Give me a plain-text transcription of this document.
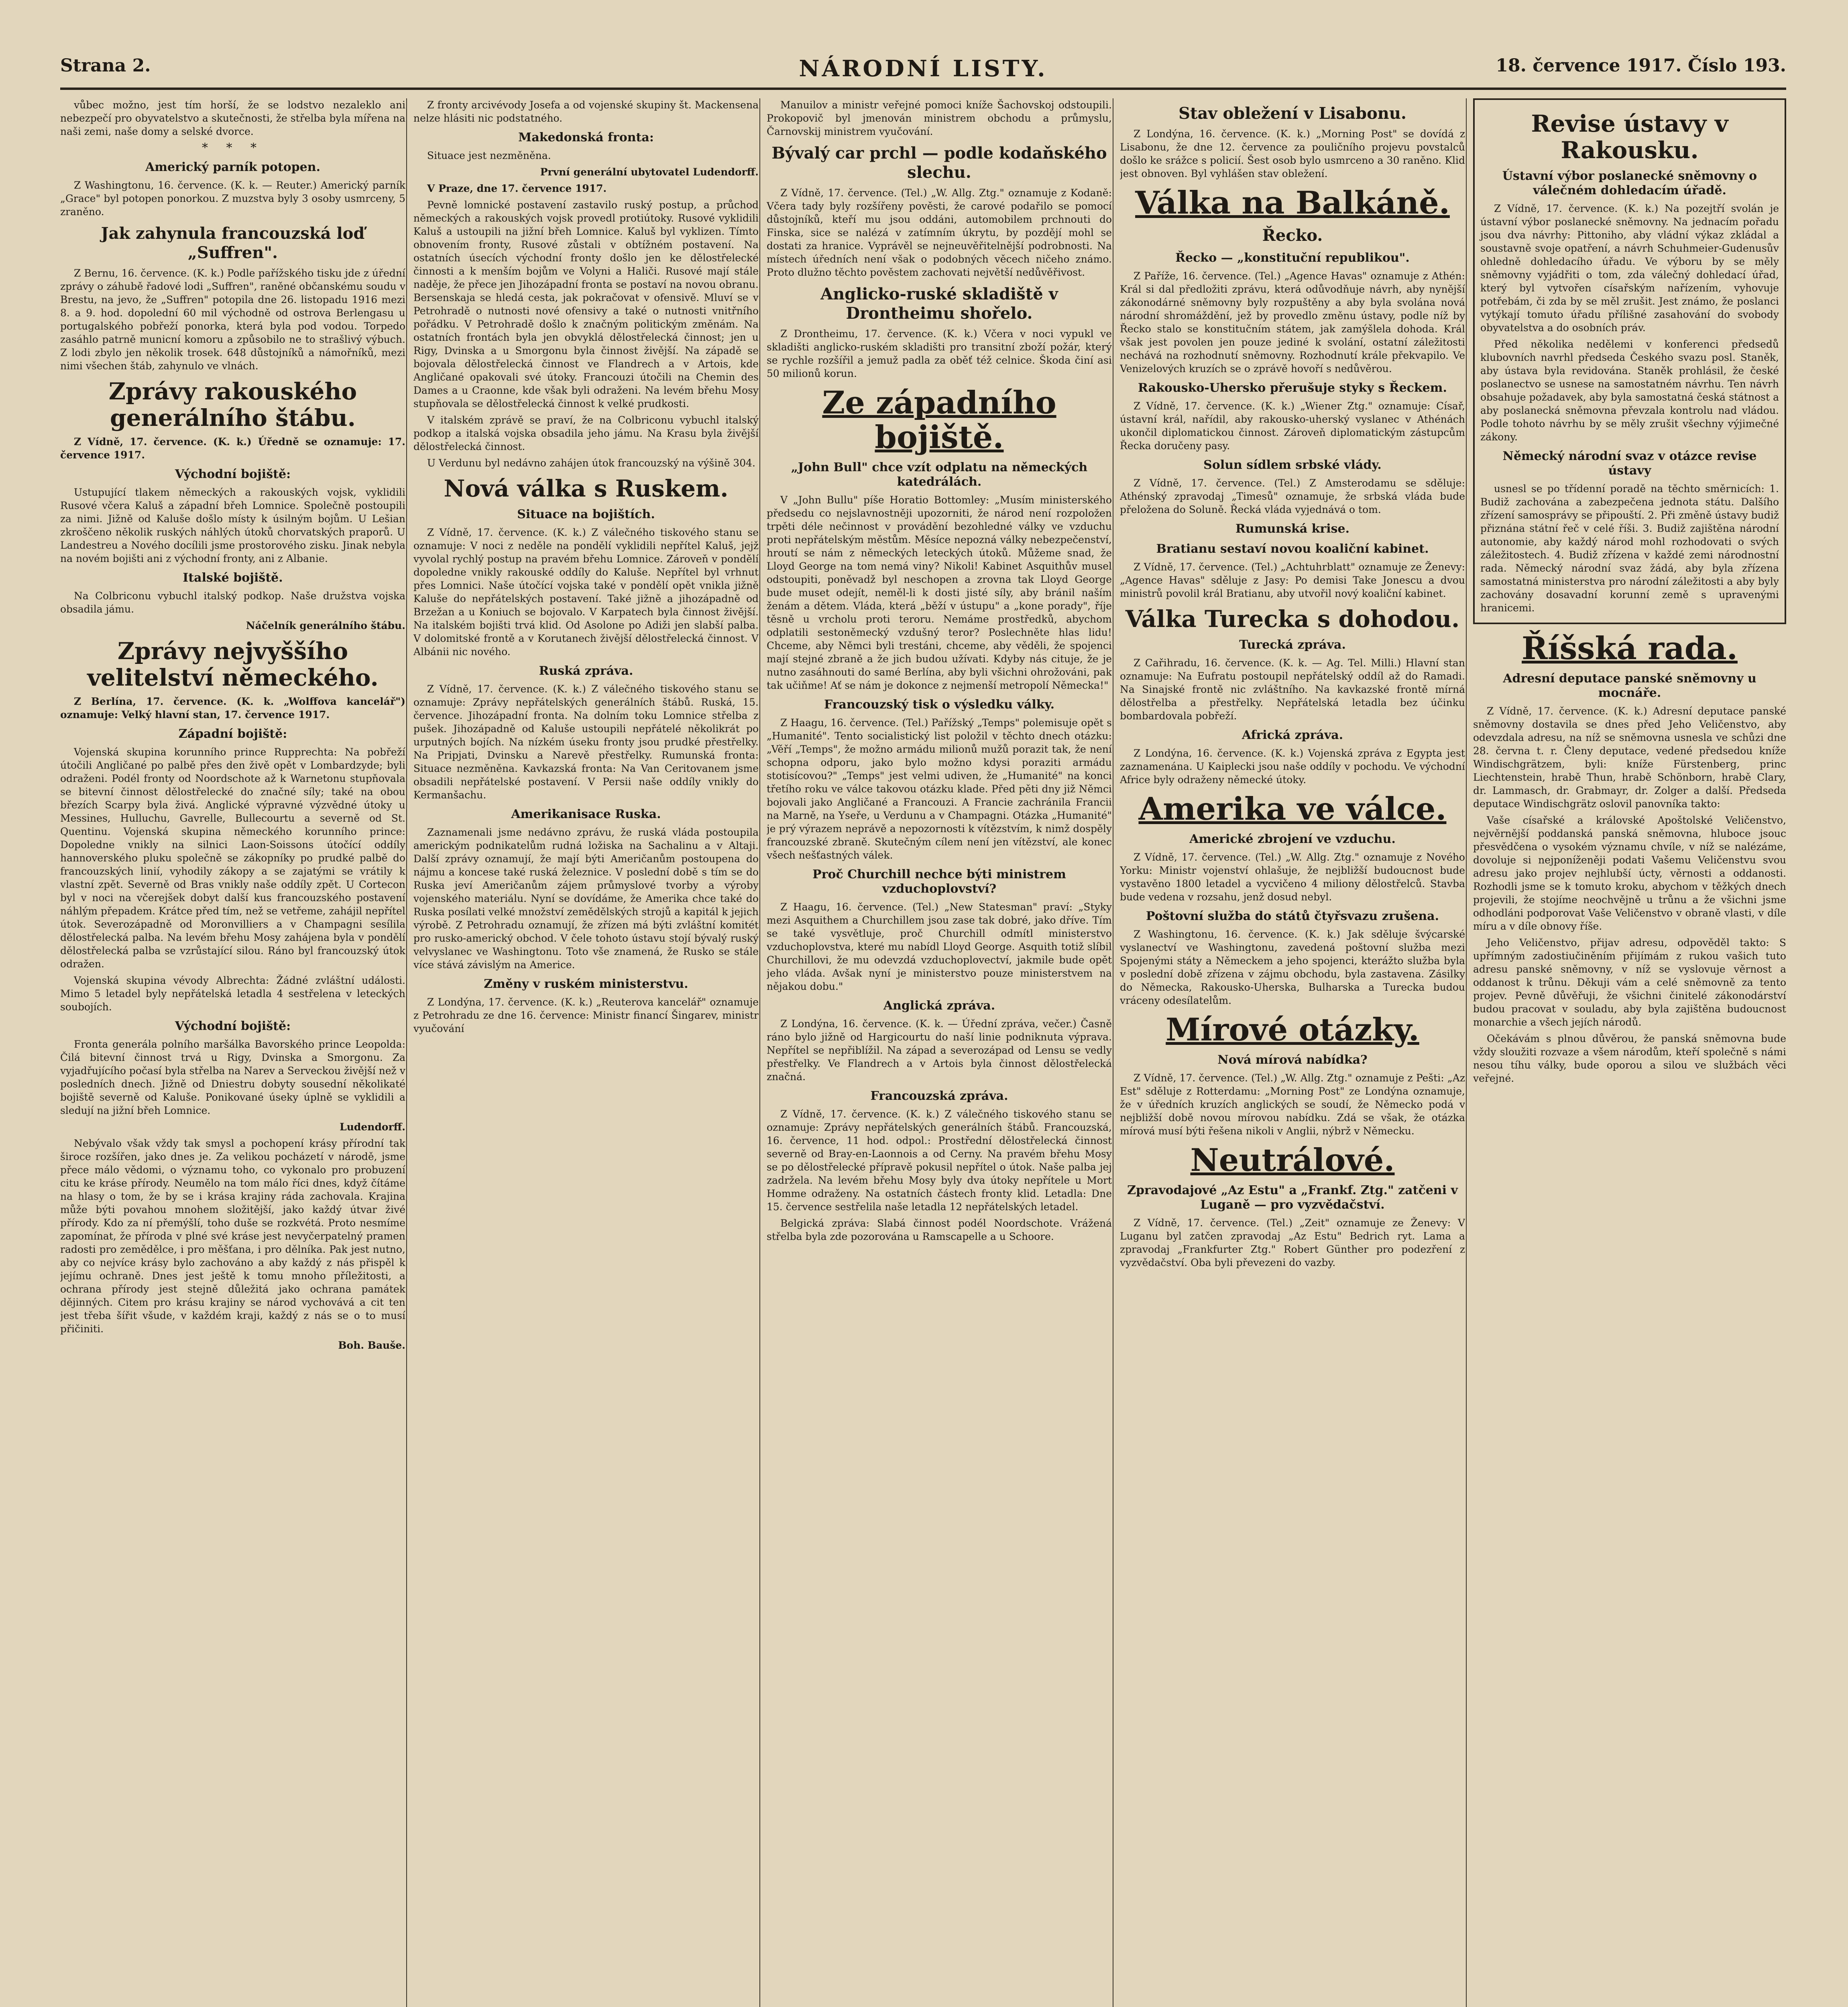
Strana 2.	NÁRODNÍ LISTY.	18. července 1917. Číslo 193.

vůbec možno, jest tím horší, že se lodstvo nezaleklo ani nebezpečí pro obyvatelstvo a skutečnosti, že střelba byla mířena na naši zemi, naše domy a selské dvorce.

* * *
Americký parník potopen.

Z Washingtonu, 16. července. (K. k. — Reuter.) Americký parník „Grace" byl potopen ponorkou. Z muzstva byly 3 osoby usmrceny, 5 zraněno.

Jak zahynula francouzská loď „Suffren".

Z Bernu, 16. července. (K. k.) Podle pařížského tisku jde z úřední zprávy o záhubě řadové lodi „Suffren", raněné občanskému soudu v Brestu, na jevo, že „Suffren" potopila dne 26. listopadu 1916 mezi 8. a 9. hod. dopolední 60 mil východně od ostrova Berlengasu u portugalského pobřeží ponorka, která byla pod vodou. Torpedo zasáhlo patrně municní komoru a způsobilo ne to strašlivý výbuch. Z lodi zbylo jen několik trosek. 648 důstojníků a námořníků, mezi nimi všechen štáb, zahynulo ve vlnách.

Zprávy rakouského generálního štábu.

Z Vídně, 17. července. (K. k.) Úředně se oznamuje: 17. července 1917.

Východní bojiště:

Ustupující tlakem německých a rakouských vojsk, vyklidili Rusové včera Kaluš a západní břeh Lomnice. Společně postoupili za nimi. Jižně od Kaluše došlo místy k úsilným bojům. U Lešian zkroščeno několik ruských náhlých útoků chorvatských praporů. U Landestreu a Nového docílili jsme prostorového zisku. Jinak nebyla na novém bojišti ani z východní fronty, ani z Albanie.

Italské bojiště.

Na Colbriconu vybuchl italský podkop. Naše družstva vojska obsadila jámu.

Náčelník generálního štábu.

Zprávy nejvyššího velitelství německého.

Z Berlína, 17. července. (K. k. „Wolffova kancelář") oznamuje: Velký hlavní stan, 17. července 1917.

Západní bojiště:

Vojenská skupina korunního prince Rupprechta: Na pobřeží útočili Angličané po palbě přes den živě opět v Lombardzyde; byli odraženi. Podél fronty od Noordschote až k Warnetonu stupňovala se bitevní činnost dělostřelecké do značné síly; také na obou březích Scarpy byla živá. Anglické výpravné výzvědné útoky u Messines, Hulluchu, Gavrelle, Bullecourtu a severně od St. Quentinu. Vojenská skupina německého korunního prince: Dopoledne vnikly na silnici Laon-Soissons útočící oddíly hannoverského pluku společně se zákopníky po prudké palbě do francouzských linií, vyhodily zákopy a se zajatými se vrátily k vlastní zpět. Severně od Bras vnikly naše oddíly zpět. U Cortecon byl v noci na včerejšek dobyt další kus francouzského postavení náhlým přepadem. Krátce před tím, než se vetřeme, zahájil nepřítel útok. Severozápadně od Moronvilliers a v Champagni sesílila dělostřelecká palba. Na levém břehu Mosy zahájena byla v pondělí dělostřelecká palba se vzrůstající silou. Ráno byl francouzský útok odražen.

Vojenská skupina vévody Albrechta: Žádné zvláštní události. Mimo 5 letadel byly nepřátelská letadla 4 sestřelena v leteckých soubojích.

Východní bojiště:

Fronta generála polního maršálka Bavorského prince Leopolda: Čilá bitevní činnost trvá u Rigy, Dvinska a Smorgonu. Za vyjadřujícího počasí byla střelba na Narev a Serveckou živější než v posledních dnech. Jižně od Dniestru dobyty sousední několikaté bojiště severně od Kaluše. Ponikované úseky úplně se vyklidili a sledují na jižní břeh Lomnice.

Ludendorff.

Nebývalo však vždy tak smysl a pochopení krásy přírodní tak široce rozšířen, jako dnes je. Za velikou pocházetí v národě, jsme přece málo vědomi, o významu toho, co vykonalo pro probuzení citu ke kráse přírody. Neumělo na tom málo říci dnes, když čítáme na hlasy o tom, že by se i krása krajiny ráda zachovala. Krajina může býti povahou mnohem složitější, jako každý útvar živé přírody. Kdo za ní přemýšlí, toho duše se rozkvétá. Proto nesmíme zapomínat, že příroda v plné své kráse jest nevyčerpatelný pramen radosti pro zemědělce, i pro měšťana, i pro dělníka. Pak jest nutno, aby co nejvíce krásy bylo zachováno a aby každý z nás přispěl k jejímu ochraně. Dnes jest ještě k tomu mnoho příležitosti, a ochrana přírody jest stejně důležitá jako ochrana památek dějinných. Citem pro krásu krajiny se národ vychovává a cit ten jest třeba šířit všude, v každém kraji, každý z nás se o to musí přičiniti.

Boh. Bauše.

Z fronty arcivévody Josefa a od vojenské skupiny št. Mackensena nelze hlásiti nic podstatného.

Makedonská fronta:

Situace jest nezměněna.

První generální ubytovatel Ludendorff.

V Praze, dne 17. července 1917.

Pevně lomnické postavení zastavilo ruský postup, a průchod německých a rakouských vojsk provedl protiútoky. Rusové vyklidili Kaluš a ustoupili na jižní břeh Lomnice. Kaluš byl vyklizen. Tímto obnovením fronty, Rusové zůstali v obtížném postavení. Na ostatních úsecích východní fronty došlo jen ke dělostřelecké činnosti a k menším bojům ve Volyni a Haliči. Rusové mají stále naděje, že přece jen Jihozápadní fronta se postaví na novou obranu. Bersenskaja se hledá cesta, jak pokračovat v ofensivě. Mluví se v Petrohradě o nutnosti nové ofensivy a také o nutnosti vnitřního pořádku. V Petrohradě došlo k značným politickým změnám. Na ostatních frontách byla jen obvyklá dělostřelecká činnost; jen u Rigy, Dvinska a u Smorgonu byla činnost živější. Na západě se bojovala dělostřelecká činnost ve Flandrech a v Artois, kde Angličané opakovali své útoky. Francouzi útočili na Chemin des Dames a u Craonne, kde však byli odraženi. Na levém břehu Mosy stupňovala se dělostřelecká činnost k velké prudkosti.

V italském zprávě se praví, že na Colbriconu vybuchl italský podkop a italská vojska obsadila jeho jámu. Na Krasu byla živější dělostřelecká činnost.

U Verdunu byl nedávno zahájen útok francouzský na výšině 304.

Nová válka s Ruskem.
Situace na bojištích.

Z Vídně, 17. července. (K. k.) Z válečného tiskového stanu se oznamuje: V noci z neděle na pondělí vyklidili nepřítel Kaluš, jejž vyvolal rychlý postup na pravém břehu Lomnice. Zároveň v pondělí dopoledne vnikly rakouské oddíly do Kaluše. Nepřítel byl vrhnut přes Lomnici. Naše útočící vojska také v pondělí opět vnikla jižně Kaluše do nepřátelských postavení. Také jižně a jihozápadně od Brzežan a u Koniuch se bojovalo. V Karpatech byla činnost živější. Na italském bojišti trvá klid. Od Asolone po Adiži jen slabší palba. V dolomitské frontě a v Korutanech živější dělostřelecká činnost. V Albánii nic nového.

Ruská zpráva.

Z Vídně, 17. července. (K. k.) Z válečného tiskového stanu se oznamuje: Zprávy nepřátelských generálních štábů. Ruská, 15. července. Jihozápadní fronta. Na dolním toku Lomnice střelba z pušek. Jihozápadně od Kaluše ustoupili nepřátelé několikrát po urputných bojích. Na nízkém úseku fronty jsou prudké přestřelky. Na Pripjati, Dvinsku a Narevě přestřelky. Rumunská fronta: Situace nezměněna. Kavkazská fronta: Na Van Ceritovanem jsme obsadili nepřátelské postavení. V Persii naše oddíly vnikly do Kermanšachu.

Amerikanisace Ruska.

Zaznamenali jsme nedávno zprávu, že ruská vláda postoupila americkým podnikatelům rudná ložiska na Sachalinu a v Altaji. Další zprávy oznamují, že mají býti Američanům postoupena do nájmu a koncese také ruská železnice. V poslední době s tím se do Ruska jeví Američanům zájem průmyslové tvorby a výroby vojenského materiálu. Nyní se dovídáme, že Amerika chce také do Ruska posílati velké množství zemědělských strojů a kapitál k jejich výrobě. Z Petrohradu oznamují, že zřízen má býti zvláštní komitét pro rusko-americký obchod. V čele tohoto ústavu stojí bývalý ruský velvyslanec ve Washingtonu. Toto vše znamená, že Rusko se stále více stává závislým na Americe.

Změny v ruském ministerstvu.

Z Londýna, 17. července. (K. k.) „Reuterova kancelář" oznamuje z Petrohradu ze dne 16. července: Ministr financí Šingarev, ministr vyučování

Manuilov a ministr veřejné pomoci kníže Šachovskoj odstoupili. Prokopovič byl jmenován ministrem obchodu a průmyslu, Čarnovskij ministrem vyučování.

Bývalý car prchl — podle kodaňského slechu.

Z Vídně, 17. července. (Tel.) „W. Allg. Ztg." oznamuje z Kodaně: Včera tady byly rozšířeny pověsti, že carové podařilo se pomocí důstojníků, kteří mu jsou oddáni, automobilem prchnouti do Finska, sice se nalézá v zatímním úkrytu, by pozdějí mohl se dostati za hranice. Vyprávěl se nejneuvěřitelnější podrobnosti. Na místech úředních není však o podobných věcech ničeho známo. Proto dlužno těchto pověstem zachovati největší nedůvěřivost.

Anglicko-ruské skladiště v Drontheimu shořelo.

Z Drontheimu, 17. července. (K. k.) Včera v noci vypukl ve skladišti anglicko-ruském skladišti pro transitní zboží požár, který se rychle rozšířil a jemuž padla za oběť též celnice. Škoda činí asi 50 milionů korun.

Ze západního bojiště.
„John Bull" chce vzít odplatu na německých katedrálách.

V „John Bullu" píše Horatio Bottomley: „Musím ministerského předsedu co nejslavnostněji upozorniti, že národ není rozpoložen trpěti déle nečinnost v provádění bezohledné války ve vzduchu proti nepřátelským městům. Měsíce nepozná války nebezpečenství, hroutí se nám z německých leteckých útoků. Můžeme snad, že Lloyd George na tom nemá viny? Nikoli! Kabinet Asquithův musel odstoupiti, poněvadž byl neschopen a zrovna tak Lloyd George bude muset odejít, neměl-li k dosti jisté síly, aby bránil naším ženám a dětem. Vláda, která „běží v ústupu" a „kone porady", říje těsně u vrcholu proti teroru. Nemáme prostředků, abychom odplatili sestoněmecký vzdušný teror? Poslechněte hlas lidu! Chceme, aby Němci byli trestáni, chceme, aby věděli, že spojenci mají stejné zbraně a že jich budou užívati. Kdyby nás cituje, že je nutno zasáhnouti do samé Berlína, aby byli všichni ohrožováni, pak tak učiňme! Ať se nám je dokonce z nejmenší metropolí Německa!"

Francouzský tisk o výsledku války.

Z Haagu, 16. července. (Tel.) Pařížský „Temps" polemisuje opět s „Humanité". Tento socialistický list položil v těchto dnech otázku: „Věří „Temps", že možno armádu milionů mužů porazit tak, že není schopna odporu, jako bylo možno kdysi poraziti armádu stotisícovou?" „Temps" jest velmi udiven, že „Humanité" na konci třetího roku ve válce takovou otázku klade. Před pěti dny již Němci bojovali jako Angličané a Francouzi. A Francie zachránila Francii na Marně, na Yseře, u Verdunu a v Champagni. Otázka „Humanité" je prý výrazem neprávě a nepozornosti k vítězstvím, k nimž dospěly francouzské zbraně. Skutečným cílem není jen vítězství, ale konec všech nešťastných válek.

Proč Churchill nechce býti ministrem vzduchoplovství?

Z Haagu, 16. července. (Tel.) „New Statesman" praví: „Styky mezi Asquithem a Churchillem jsou zase tak dobré, jako dříve. Tím se také vysvětluje, proč Churchill odmítl ministerstvo vzduchoplovstva, které mu nabídl Lloyd George. Asquith totiž slíbil Churchillovi, že mu odevzdá vzduchoplovectví, jakmile bude opět jeho vláda. Avšak nyní je ministerstvo pouze ministerstvem na nějakou dobu."

Anglická zpráva.

Z Londýna, 16. července. (K. k. — Úřední zpráva, večer.) Časně ráno bylo jižně od Hargicourtu do naší linie podniknuta výprava. Nepřítel se nepřiblížil. Na západ a severozápad od Lensu se vedly přestřelky. Ve Flandrech a v Artois byla činnost dělostřelecká značná.

Francouzská zpráva.

Z Vídně, 17. července. (K. k.) Z válečného tiskového stanu se oznamuje: Zprávy nepřátelských generálních štábů. Francouzská, 16. července, 11 hod. odpol.: Prostřední dělostřelecká činnost severně od Bray-en-Laonnois a od Cerny. Na pravém břehu Mosy se po dělostřelecké přípravě pokusil nepřítel o útok. Naše palba jej zadržela. Na levém břehu Mosy byly dva útoky nepřítele u Mort Homme odraženy. Na ostatních částech fronty klid. Letadla: Dne 15. července sestřelila naše letadla 12 nepřátelských letadel.

Belgická zpráva: Slabá činnost podél Noordschote. Vrážená střelba byla zde pozorována u Ramscapelle a u Schoore.

Stav obležení v Lisabonu.

Z Londýna, 16. července. (K. k.) „Morning Post" se dovídá z Lisabonu, že dne 12. července za pouličního projevu povstalců došlo ke srážce s policií. Šest osob bylo usmrceno a 30 raněno. Klid jest obnoven. Byl vyhlášen stav obležení.

Válka na Balkáně.
Řecko.
Řecko — „konstituční republikou".

Z Paříže, 16. července. (Tel.) „Agence Havas" oznamuje z Athén: Král si dal předložiti zprávu, která odůvodňuje návrh, aby nynější zákonodárné sněmovny byly rozpuštěny a aby byla svolána nová národní shromáždění, jež by provedlo změnu ústavy, podle níž by Řecko stalo se konstitučním státem, jak zamýšlela dohoda. Král však jest povolen jen pouze jediné k svolání, ostatní záležitosti nechává na rozhodnutí sněmovny. Rozhodnutí krále překvapilo. Ve Venizelových kruzích se o zprávě hovoří s nedůvěrou.

Rakousko-Uhersko přerušuje styky s Řeckem.

Z Vídně, 17. července. (K. k.) „Wiener Ztg." oznamuje: Císař, ústavní král, nařídil, aby rakousko-uherský vyslanec v Athénách ukončil diplomatickou činnost. Zároveň diplomatickým zástupcům Řecka doručeny pasy.

Solun sídlem srbské vlády.

Z Vídně, 17. července. (Tel.) Z Amsterodamu se sděluje: Athénský zpravodaj „Timesů" oznamuje, že srbská vláda bude přeložena do Soluně. Řecká vláda vyjednává o tom.

Rumunská krise.
Bratianu sestaví novou koaliční kabinet.

Z Vídně, 17. července. (Tel.) „Achtuhrblatt" oznamuje ze Ženevy: „Agence Havas" sděluje z Jasy: Po demisi Take Jonescu a dvou ministrů povolil král Bratianu, aby utvořil nový koaliční kabinet.

Válka Turecka s dohodou.
Turecká zpráva.

Z Cařihradu, 16. července. (K. k. — Ag. Tel. Milli.) Hlavní stan oznamuje: Na Eufratu postoupil nepřátelský oddíl až do Ramadi. Na Sinajské frontě nic zvláštního. Na kavkazské frontě mírná dělostřelba a přestřelky. Nepřátelská letadla bez účinku bombardovala pobřeží.

Africká zpráva.

Z Londýna, 16. července. (K. k.) Vojenská zpráva z Egypta jest zaznamenána. U Kaiplecki jsou naše oddíly v pochodu. Ve východní Africe byly odraženy německé útoky.

Amerika ve válce.
Americké zbrojení ve vzduchu.

Z Vídně, 17. července. (Tel.) „W. Allg. Ztg." oznamuje z Nového Yorku: Ministr vojenství ohlašuje, že nejbližší budoucnost bude vystavěno 1800 letadel a vycvičeno 4 miliony dělostřelců. Stavba bude vedena v rozsahu, jenž dosud nebyl.

Poštovní služba do států čtyřsvazu zrušena.

Z Washingtonu, 16. července. (K. k.) Jak sděluje švýcarské vyslanectví ve Washingtonu, zavedená poštovní služba mezi Spojenými státy a Německem a jeho spojenci, kterážto služba byla v poslední době zřízena v zájmu obchodu, byla zastavena. Zásilky do Německa, Rakousko-Uherska, Bulharska a Turecka budou vráceny odesílatelům.

Mírové otázky.
Nová mírová nabídka?

Z Vídně, 17. července. (Tel.) „W. Allg. Ztg." oznamuje z Pešti: „Az Est" sděluje z Rotterdamu: „Morning Post" ze Londýna oznamuje, že v úředních kruzích anglických se soudí, že Německo podá v nejbližší době novou mírovou nabídku. Zdá se však, že otázka mírová musí býti řešena nikoli v Anglii, nýbrž v Německu.

Neutrálové.
Zpravodajové „Az Estu" a „Frankf. Ztg." zatčeni v Luganě — pro vyzvědačství.

Z Vídně, 17. července. (Tel.) „Zeit" oznamuje ze Ženevy: V Luganu byl zatčen zpravodaj „Az Estu" Bedrich ryt. Lama a zpravodaj „Frankfurter Ztg." Robert Günther pro podezření z vyzvědačství. Oba byli převezeni do vazby.

Revise ústavy v Rakousku.
Ústavní výbor poslanecké sněmovny o válečném dohledacím úřadě.

Z Vídně, 17. července. (K. k.) Na pozejtří svolán je ústavní výbor poslanecké sněmovny. Na jednacím pořadu jsou dva návrhy: Pittoniho, aby vládní výkaz zkládal a soustavně svoje opatření, a návrh Schuhmeier-Gudenusův ohledně dohledacího úřadu. Ve výboru by se měly sněmovny vyjádřiti o tom, zda válečný dohledací úřad, který byl vytvořen císařským nařízením, vyhovuje potřebám, či zda by se měl zrušit. Jest známo, že poslanci vytýkají tomuto úřadu přílišné zasahování do svobody obyvatelstva a do osobních práv.

Před několika nedělemi v konferenci předsedů klubovních navrhl předseda Českého svazu posl. Staněk, aby ústava byla revidována. Staněk prohlásil, že české poslanectvo se usnese na samostatném návrhu. Ten návrh obsahuje požadavek, aby byla samostatná česká státnost a aby poslanecká sněmovna převzala kontrolu nad vládou. Podle tohoto návrhu by se měly zrušit všechny výjimečné zákony.

Německý národní svaz v otázce revise ústavy

usnesl se po třídenní poradě na těchto směrnicích: 1. Budiž zachována a zabezpečena jednota státu. Dalšího zřízení samosprávy se připouští. 2. Při změně ústavy budiž přiznána státní řeč v celé říši. 3. Budiž zajištěna národní autonomie, aby každý národ mohl rozhodovati o svých záležitostech. 4. Budiž zřízena v každé zemi národnostní rada. Německý národní svaz žádá, aby byla zřízena samostatná ministerstva pro národní záležitosti a aby byly zachovány dosavadní korunní země s upravenými hranicemi.

Říšská rada.
Adresní deputace panské sněmovny u mocnáře.

Z Vídně, 17. července. (K. k.) Adresní deputace panské sněmovny dostavila se dnes před Jeho Veličenstvo, aby odevzdala adresu, na níž se sněmovna usnesla ve schůzi dne 28. června t. r. Členy deputace, vedené předsedou kníže Windischgrätzem, byli: kníže Fürstenberg, princ Liechtenstein, hrabě Thun, hrabě Schönborn, hrabě Clary, dr. Lammasch, dr. Grabmayr, dr. Zolger a další. Předseda deputace Windischgrätz oslovil panovníka takto:

Vaše císařské a královské Apoštolské Veličenstvo, nejvěrnější poddanská panská sněmovna, hluboce jsouc přesvědčena o vysokém významu chvíle, v níž se nalézáme, dovoluje si nejponíženěji podati Vašemu Veličenstvu svou adresu jako projev nejhlubší úcty, věrnosti a oddanosti. Rozhodli jsme se k tomuto kroku, abychom v těžkých dnech projevili, že stojíme neochvějně u trůnu a že všichni jsme odhodláni podporovat Vaše Veličenstvo v obraně vlasti, v díle míru a v díle obnovy říše.

Jeho Veličenstvo, přijav adresu, odpověděl takto: S upřímným zadostiučiněním přijímám z rukou vašich tuto adresu panské sněmovny, v níž se vyslovuje věrnost a oddanost k trůnu. Děkuji vám a celé sněmovně za tento projev. Pevně důvěřuji, že všichni činitelé zákonodárství budou pracovat v souladu, aby byla zajištěna budoucnost monarchie a všech jejích národů.

Očekávám s plnou důvěrou, že panská sněmovna bude vždy sloužiti rozvaze a všem národům, kteří společně s námi nesou tíhu války, bude oporou a silou ve službách věci veřejné.
